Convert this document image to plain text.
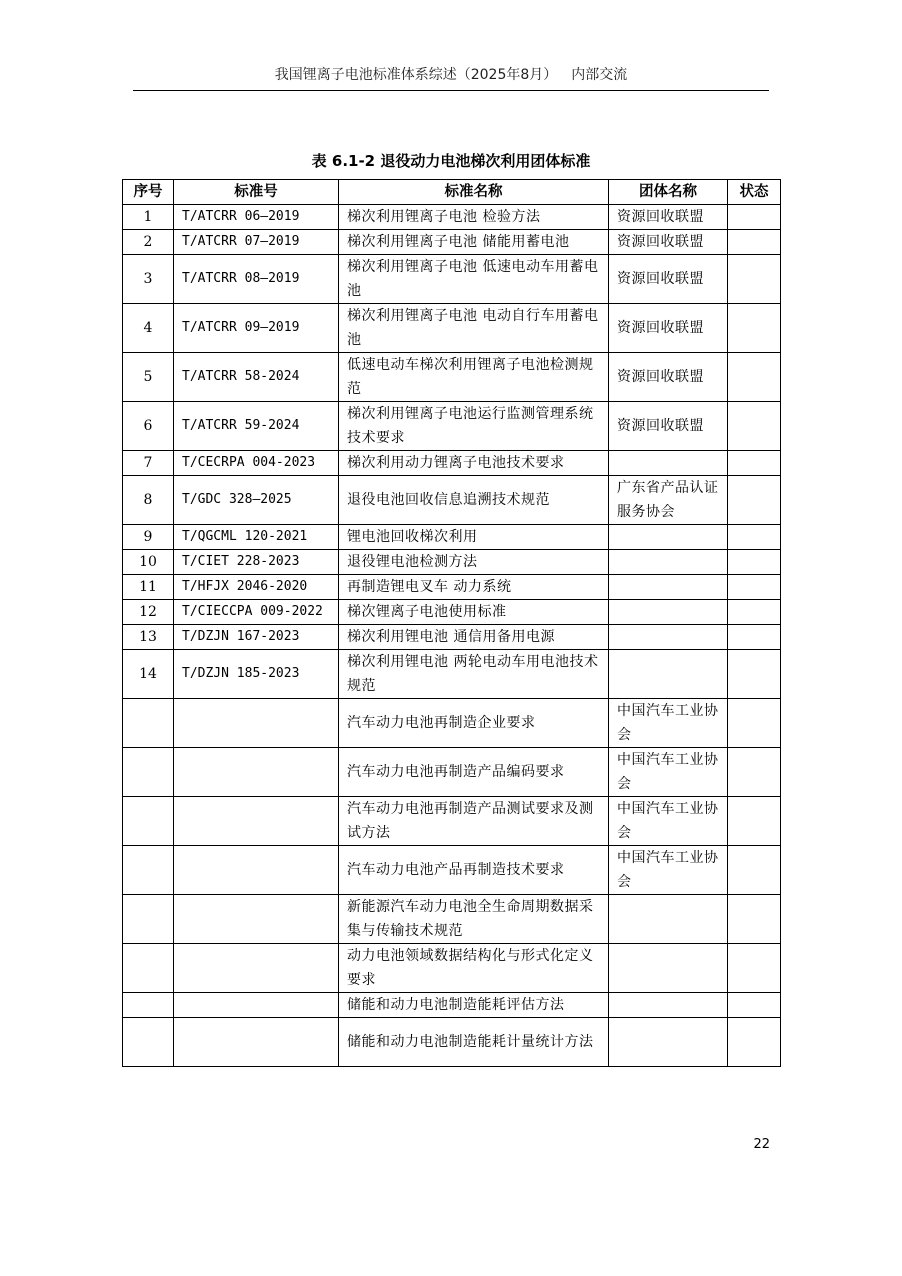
我国锂离子电池标准体系综述（2025年8月） 内部交流
表 6.1-2 退役动力电池梯次利用团体标准
序号	标准号	标准名称	团体名称	状态
1	T/ATCRR 06—2019	梯次利用锂离子电池 检验方法	资源回收联盟	
2	T/ATCRR 07—2019	梯次利用锂离子电池 储能用蓄电池	资源回收联盟	
3	T/ATCRR 08—2019	梯次利用锂离子电池 低速电动车用蓄电池	资源回收联盟	
4	T/ATCRR 09—2019	梯次利用锂离子电池 电动自行车用蓄电池	资源回收联盟	
5	T/ATCRR 58-2024	低速电动车梯次利用锂离子电池检测规范	资源回收联盟	
6	T/ATCRR 59-2024	梯次利用锂离子电池运行监测管理系统技术要求	资源回收联盟	
7	T/CECRPA 004-2023	梯次利用动力锂离子电池技术要求		
8	T/GDC 328—2025	退役电池回收信息追溯技术规范	广东省产品认证服务协会	
9	T/QGCML 120-2021	锂电池回收梯次利用		
10	T/CIET 228-2023	退役锂电池检测方法		
11	T/HFJX 2046-2020	再制造锂电叉车 动力系统		
12	T/CIECCPA 009-2022	梯次锂离子电池使用标准		
13	T/DZJN 167-2023	梯次利用锂电池 通信用备用电源		
14	T/DZJN 185-2023	梯次利用锂电池 两轮电动车用电池技术规范		
		汽车动力电池再制造企业要求	中国汽车工业协会	
		汽车动力电池再制造产品编码要求	中国汽车工业协会	
		汽车动力电池再制造产品测试要求及测试方法	中国汽车工业协会	
		汽车动力电池产品再制造技术要求	中国汽车工业协会	
		新能源汽车动力电池全生命周期数据采集与传输技术规范		
		动力电池领域数据结构化与形式化定义要求		
		储能和动力电池制造能耗评估方法		
		储能和动力电池制造能耗计量统计方法		
22
